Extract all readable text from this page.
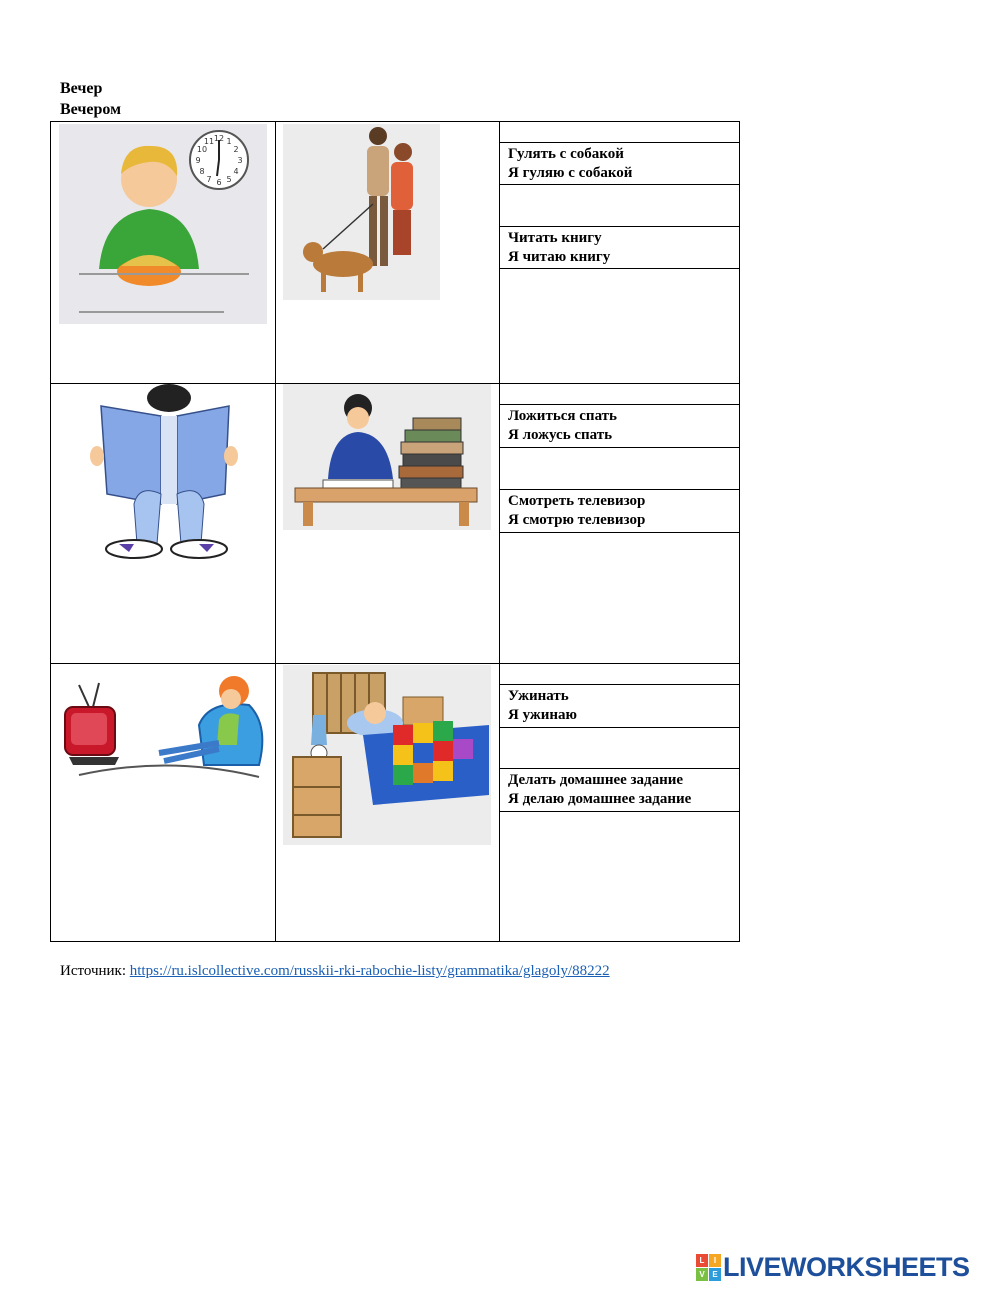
Вечер
Вечером
Гулять с собакой
Я гуляю с собакой
Читать книгу
Я читаю книгу
Ложиться спать
Я ложусь спать
Смотреть телевизор
Я смотрю телевизор
Ужинать
Я ужинаю
Делать домашнее задание
Я делаю домашнее задание
12 1
2
3
4
5
6
7
8
9
10
11
Источник: https://ru.islcollective.com/russkii-rki-rabochie-listy/grammatika/glagoly/88222
L	I
V E LIVEWORKSHEETS
